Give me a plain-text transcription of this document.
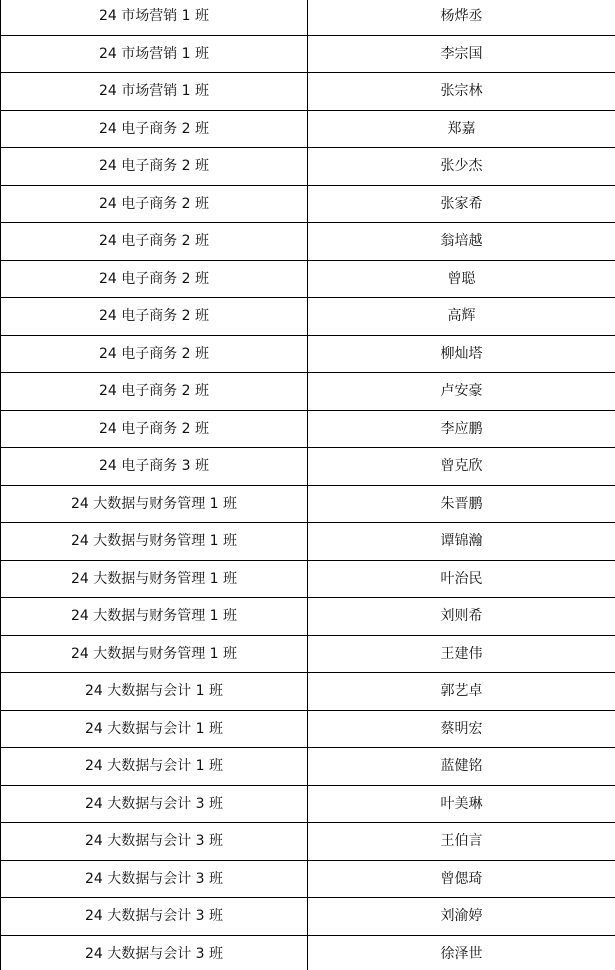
24 市场营销 1 班	杨烨丞
24 市场营销 1 班	李宗国
24 市场营销 1 班	张宗林
24 电子商务 2 班	郑嘉
24 电子商务 2 班	张少杰
24 电子商务 2 班	张家希
24 电子商务 2 班	翁培越
24 电子商务 2 班	曾聪
24 电子商务 2 班	高辉
24 电子商务 2 班	柳灿塔
24 电子商务 2 班	卢安豪
24 电子商务 2 班	李应鹏
24 电子商务 3 班	曾克欣
24 大数据与财务管理 1 班	朱晋鹏
24 大数据与财务管理 1 班	谭锦瀚
24 大数据与财务管理 1 班	叶治民
24 大数据与财务管理 1 班	刘则希
24 大数据与财务管理 1 班	王建伟
24 大数据与会计 1 班	郭艺卓
24 大数据与会计 1 班	蔡明宏
24 大数据与会计 1 班	蓝健铭
24 大数据与会计 3 班	叶美琳
24 大数据与会计 3 班	王伯言
24 大数据与会计 3 班	曾偲琦
24 大数据与会计 3 班	刘渝婷
24 大数据与会计 3 班	徐泽世
